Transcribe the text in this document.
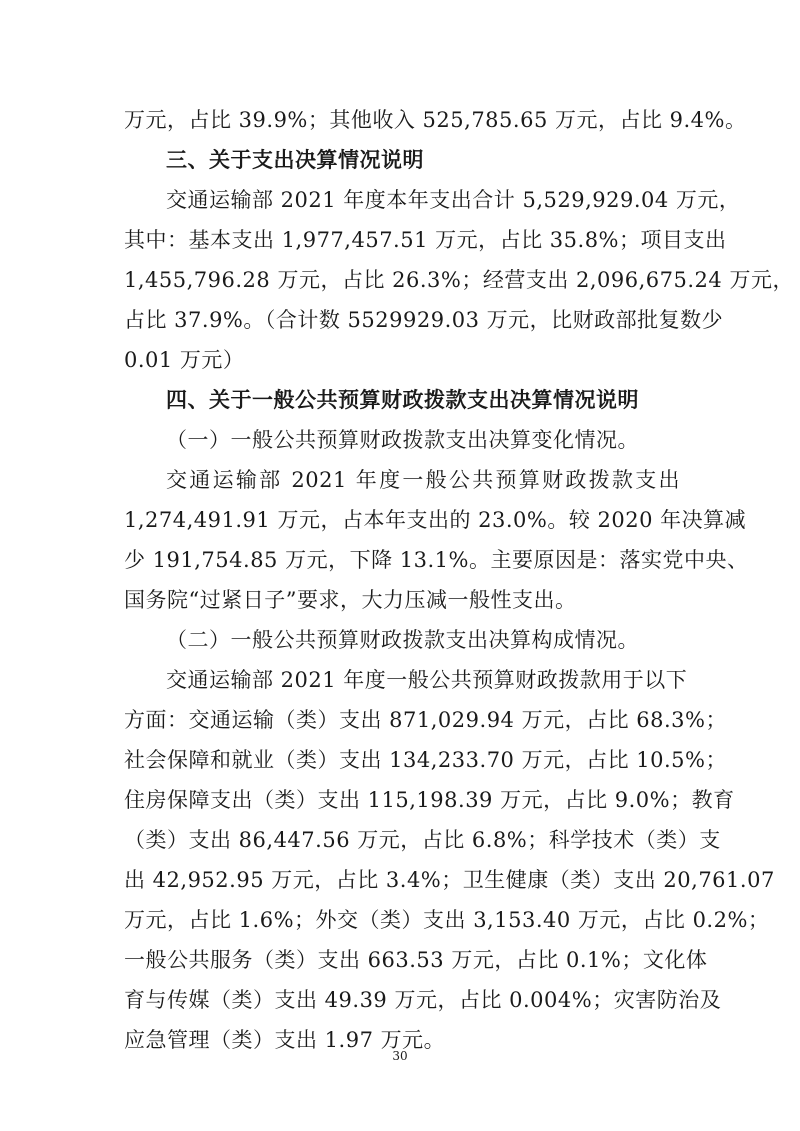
万元，占比 39.9%；其他收入 525,785.65 万元，占比 9.4%。
三、关于支出决算情况说明
交通运输部 2021 年度本年支出合计 5,529,929.04 万元，
其中：基本支出 1,977,457.51 万元，占比 35.8%；项目支出
1,455,796.28 万元，占比 26.3%；经营支出 2,096,675.24 万元，
占比 37.9%。（合计数 5529929.03 万元，比财政部批复数少
0.01 万元）
四、关于一般公共预算财政拨款支出决算情况说明
（一）一般公共预算财政拨款支出决算变化情况。
交通运输部 2021 年度一般公共预算财政拨款支出
1,274,491.91 万元，占本年支出的 23.0%。较 2020 年决算减
少 191,754.85 万元，下降 13.1%。主要原因是：落实党中央、
国务院“过紧日子”要求，大力压减一般性支出。
（二）一般公共预算财政拨款支出决算构成情况。
交通运输部 2021 年度一般公共预算财政拨款用于以下
方面：交通运输（类）支出 871,029.94 万元，占比 68.3%；
社会保障和就业（类）支出 134,233.70 万元，占比 10.5%；
住房保障支出（类）支出 115,198.39 万元，占比 9.0%；教育
（类）支出 86,447.56 万元，占比 6.8%；科学技术（类）支
出 42,952.95 万元，占比 3.4%；卫生健康（类）支出 20,761.07
万元，占比 1.6%；外交（类）支出 3,153.40 万元，占比 0.2%；
一般公共服务（类）支出 663.53 万元，占比 0.1%；文化体
育与传媒（类）支出 49.39 万元，占比 0.004%；灾害防治及
应急管理（类）支出 1.97 万元。
30
